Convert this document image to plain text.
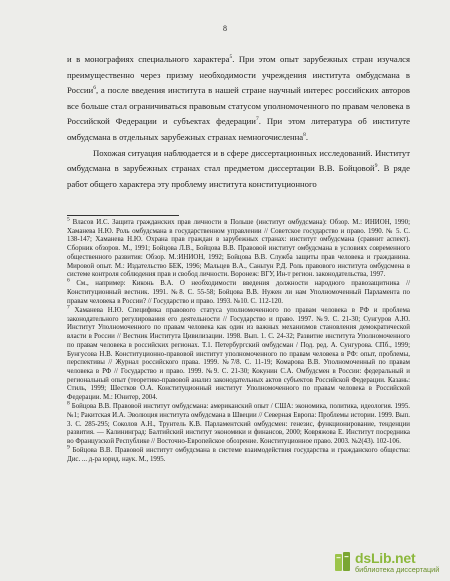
8

и в монографиях специального характера$^5$. При этом опыт зарубежных стран изучался преимущественно через призму необходимости учреждения института омбудсмана в России$^6$, а после введения института в нашей стране научный интерес российских авторов все больше стал ограничиваться правовым статусом уполномоченного по правам человека в Российской Федерации и субъектах федерации$^7$. При этом литература об институте омбудсмана в отдельных зарубежных странах немногочисленна$^8$.

Похожая ситуация наблюдается и в сфере диссертационных исследований. Институт омбудсмана в зарубежных странах стал предметом диссертации В.В. Бойцовой$^9$. В ряде работ общего характера эту проблему института конституционного

$^5$ Власов И.С. Защита гражданских прав личности в Польше (институт омбудсмана): Обзор. М.: ИНИОН, 1990; Хаманева Н.Ю. Роль омбудсмана в государственном управлении // Советское государство и право. 1990. № 5. С. 138-147; Хаманева Н.Ю. Охрана прав граждан в зарубежных странах: институт омбудсмана (сравнит аспект). Сборник обзоров. М., 1991; Бойцова Л.В., Бойцова В.В. Правовой институт омбудсмана в условиях современного общественного развития: Обзор. М.:ИНИОН, 1992; Бойцова В.В. Служба защиты прав человека и гражданина. Мировой опыт. М.: Издательство БЕК, 1996; Мальцев В.А., Саньтун Р.Д. Роль правового института омбудсмена в системе контроля соблюдения прав и свобод личности. Воронеж: ВГУ, Ин-т регион. законодательства, 1997.

$^6$ См., например: Киконь В.А. О необходимости введения должности народного правозащитника // Конституционный вестник. 1991. №8. С. 55-58; Бойцова В.В. Нужен ли нам Уполномоченный Парламента по правам человека в России? // Государство и право. 1993. №10. С. 112-120.

$^7$ Хаманева Н.Ю. Специфика правового статуса уполномоченного по правам человека в РФ и проблема законодательного регулирования его деятельности // Государство и право. 1997. №9. С. 21-30; Сунгуров А.Ю. Институт Уполномоченного по правам человека как один из важных механизмов становления демократической власти в России // Вестник Института Цивилизации. 1998. Вып. 1. С. 24-32; Развитие института Уполномоченного по правам человека в российских регионах. Т.1. Петербургский омбудсман / Под. ред. А. Сунгурова. СПб., 1999; Бунгусова Н.В. Конституционно-правовой институт уполномоченного по правам человека в РФ: опыт, проблемы, перспективы // Журнал российского права. 1999. №7/8. С. 11-19; Комарова В.В. Уполномоченный по правам человека в РФ // Государство и право. 1999. №9. С. 21-30; Кокунин С.А. Омбудсмен в России: федеральный и региональный опыт (теоретико-правовой анализ законодательных актов субъектов Российской Федерации. Казань: Стиль, 1999; Шестков О.А. Конституционный институт Уполномоченного по правам человека в Российской Федерации. М.: Юнитер, 2004.

$^8$ Бойцова В.В. Правовой институт омбудсмана: американский опыт / США: экономика, политика, идеология. 1995. №1; Ракитская И.А. Эволюция института омбудсмана в Швеции // Северная Европа: Проблемы истории. 1999. Вып. 3. С. 285-295; Соколов А.Н., Трунтель К.В. Парламентский омбудсмен: генезис, функционирование, тенденции развития. — Калининград: Балтийский институт экономики и финансов, 2000; Ковряжова Е. Институт посредника во Французской Республике // Восточно-Европейское обозрение. Конституционное право. 2003. №2(43). 102-106.

$^9$ Бойцова В.В. Правовой институт омбудсмана в системе взаимодействия государства и гражданского общества: Дис. ... д-ра юрид. наук. М., 1995.

dsLib.net
библиотека диссертаций
